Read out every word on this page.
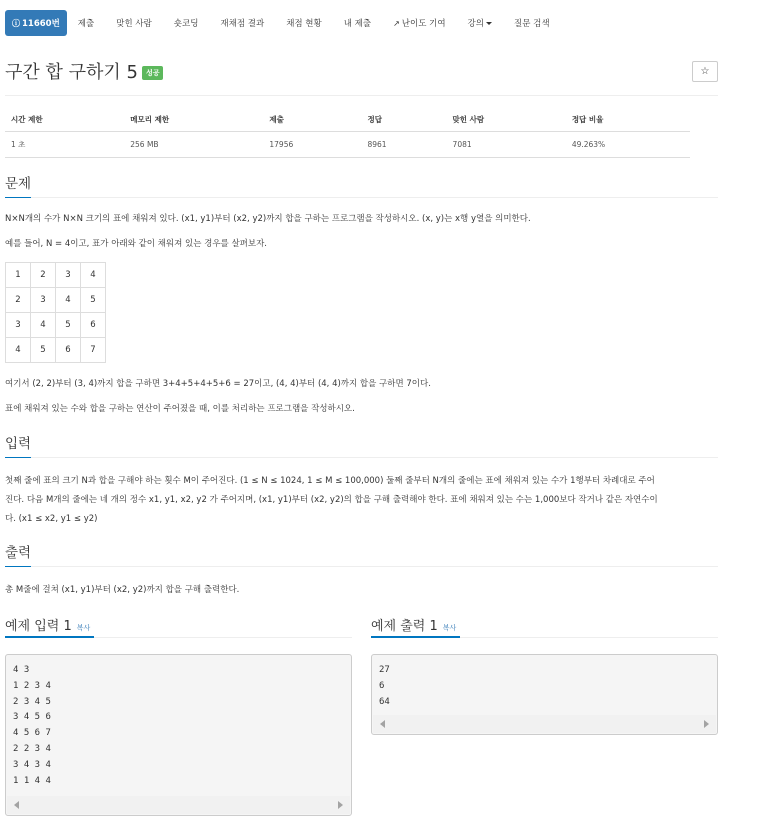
ⓘ 11660번	제출	맞힌 사람	숏코딩	재채점 결과	채점 현황	내 제출	↗ 난이도 기여	강의	질문 검색
구간 합 구하기 5	성공	☆
시간 제한	메모리 제한	제출	정답	맞힌 사람	정답 비율
1 초	256 MB	17956	8961	7081	49.263%
문제
N×N개의 수가 N×N 크기의 표에 채워져 있다. (x1, y1)부터 (x2, y2)까지 합을 구하는 프로그램을 작성하시오. (x, y)는 x행 y열을 의미한다.
예를 들어, N = 4이고, 표가 아래와 같이 채워져 있는 경우를 살펴보자.
1	2	3	4
2	3	4	5
3	4	5	6
4	5	6	7
여기서 (2, 2)부터 (3, 4)까지 합을 구하면 3+4+5+4+5+6 = 27이고, (4, 4)부터 (4, 4)까지 합을 구하면 7이다.
표에 채워져 있는 수와 합을 구하는 연산이 주어졌을 때, 이를 처리하는 프로그램을 작성하시오.
입력
첫째 줄에 표의 크기 N과 합을 구해야 하는 횟수 M이 주어진다. (1 ≤ N ≤ 1024, 1 ≤ M ≤ 100,000) 둘째 줄부터 N개의 줄에는 표에 채워져 있는 수가 1행부터 차례대로 주어
진다. 다음 M개의 줄에는 네 개의 정수 x1, y1, x2, y2 가 주어지며, (x1, y1)부터 (x2, y2)의 합을 구해 출력해야 한다. 표에 채워져 있는 수는 1,000보다 작거나 같은 자연수이
다. (x1 ≤ x2, y1 ≤ y2)
출력
총 M줄에 걸쳐 (x1, y1)부터 (x2, y2)까지 합을 구해 출력한다.
예제 입력 1 복사
4 3
1 2 3 4
2 3 4 5
3 4 5 6
4 5 6 7
2 2 3 4
3 4 3 4
1 1 4 4
예제 출력 1 복사
27
6
64
